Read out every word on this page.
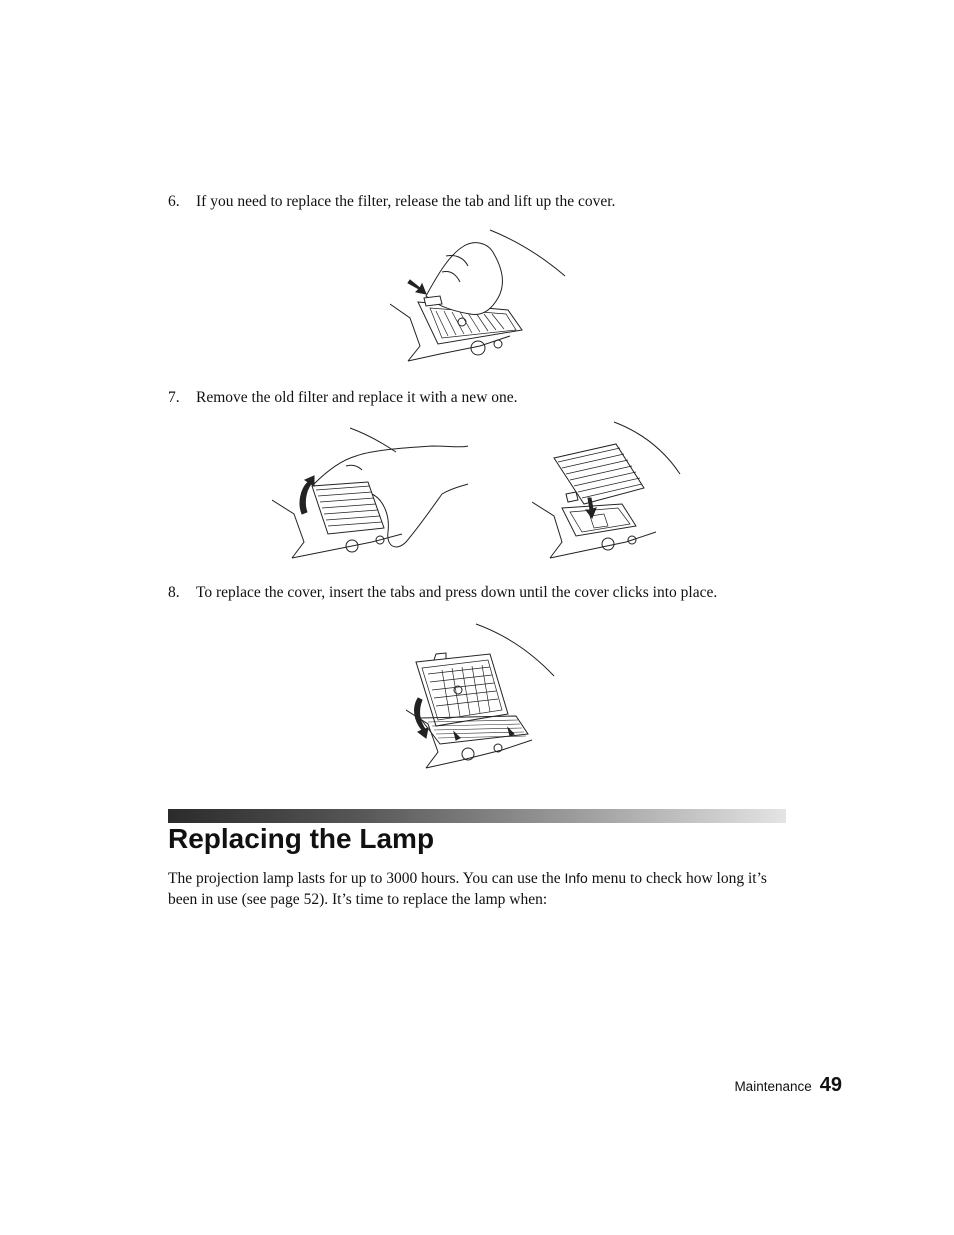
6. If you need to replace the filter, release the tab and lift up the cover.
7. Remove the old filter and replace it with a new one.
8. To replace the cover, insert the tabs and press down until the cover clicks into place.
Replacing the Lamp

The projection lamp lasts for up to 3000 hours. You can use the Info menu to check how long it’s been in use (see page 52). It’s time to replace the lamp when:

Maintenance 49
